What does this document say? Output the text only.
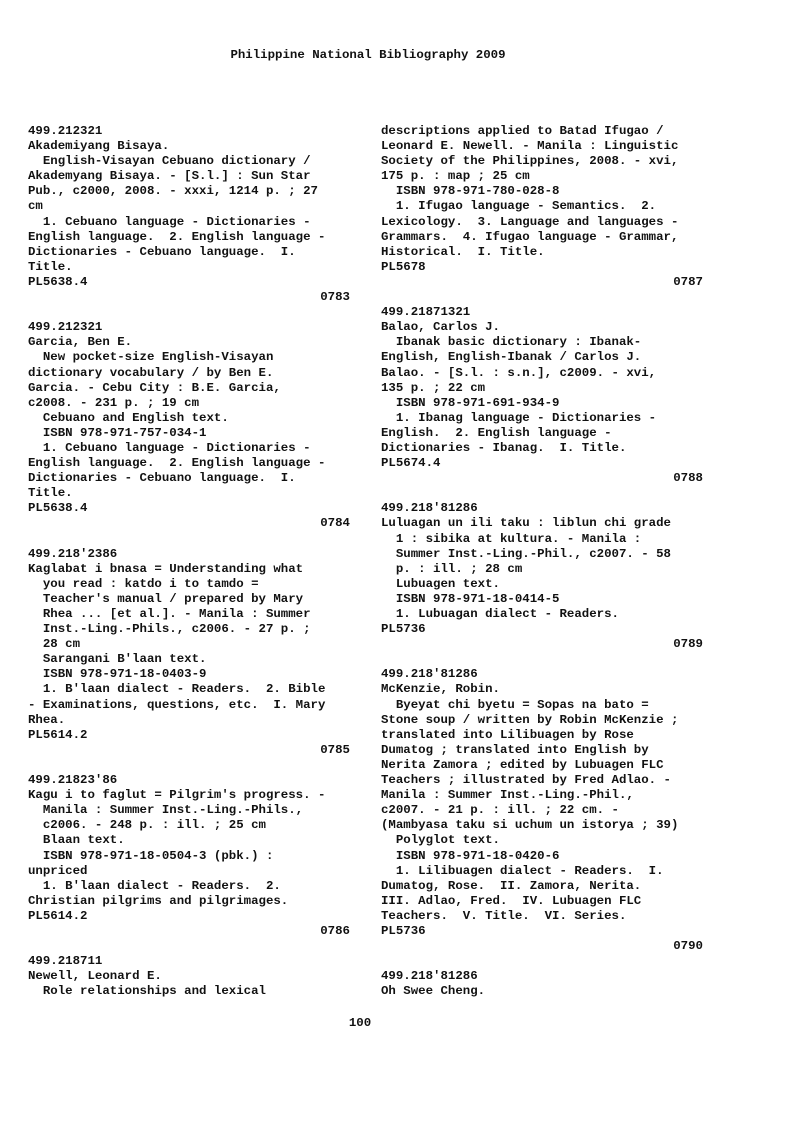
Philippine National Bibliography 2009
499.212321
Akademiyang Bisaya.
English-Visayan Cebuano dictionary /
Akademyang Bisaya. - [S.l.] : Sun Star
Pub., c2000, 2008. - xxxi, 1214 p. ; 27
cm
1. Cebuano language - Dictionaries -
English language.  2. English language -
Dictionaries - Cebuano language.  I.
Title.
PL5638.4
0783
499.212321
Garcia, Ben E.
New pocket-size English-Visayan
dictionary vocabulary / by Ben E.
Garcia. - Cebu City : B.E. Garcia,
c2008. - 231 p. ; 19 cm
Cebuano and English text.
ISBN 978-971-757-034-1
1. Cebuano language - Dictionaries -
English language.  2. English language -
Dictionaries - Cebuano language.  I.
Title.
PL5638.4
0784
499.218'2386
Kaglabat i bnasa = Understanding what
you read : katdo i to tamdo =
Teacher's manual / prepared by Mary
Rhea ... [et al.]. - Manila : Summer
Inst.-Ling.-Phils., c2006. - 27 p. ;
28 cm
Sarangani B'laan text.
ISBN 978-971-18-0403-9
1. B'laan dialect - Readers.  2. Bible
- Examinations, questions, etc.  I. Mary
Rhea.
PL5614.2
0785
499.21823'86
Kagu i to faglut = Pilgrim's progress. -
Manila : Summer Inst.-Ling.-Phils.,
c2006. - 248 p. : ill. ; 25 cm
Blaan text.
ISBN 978-971-18-0504-3 (pbk.) :
unpriced
1. B'laan dialect - Readers.  2.
Christian pilgrims and pilgrimages.
PL5614.2
0786
499.218711
Newell, Leonard E.
Role relationships and lexical
descriptions applied to Batad Ifugao /
Leonard E. Newell. - Manila : Linguistic
Society of the Philippines, 2008. - xvi,
175 p. : map ; 25 cm
ISBN 978-971-780-028-8
1. Ifugao language - Semantics.  2.
Lexicology.  3. Language and languages -
Grammars.  4. Ifugao language - Grammar,
Historical.  I. Title.
PL5678
0787
499.21871321
Balao, Carlos J.
Ibanak basic dictionary : Ibanak-
English, English-Ibanak / Carlos J.
Balao. - [S.l. : s.n.], c2009. - xvi,
135 p. ; 22 cm
ISBN 978-971-691-934-9
1. Ibanag language - Dictionaries -
English.  2. English language -
Dictionaries - Ibanag.  I. Title.
PL5674.4
0788
499.218'81286
Luluagan un ili taku : liblun chi grade
1 : sibika at kultura. - Manila :
Summer Inst.-Ling.-Phil., c2007. - 58
p. : ill. ; 28 cm
Lubuagen text.
ISBN 978-971-18-0414-5
1. Lubuagan dialect - Readers.
PL5736
0789
499.218'81286
McKenzie, Robin.
Byeyat chi byetu = Sopas na bato =
Stone soup / written by Robin McKenzie ;
translated into Lilibuagen by Rose
Dumatog ; translated into English by
Nerita Zamora ; edited by Lubuagen FLC
Teachers ; illustrated by Fred Adlao. -
Manila : Summer Inst.-Ling.-Phil.,
c2007. - 21 p. : ill. ; 22 cm. -
(Mambyasa taku si uchum un istorya ; 39)
Polyglot text.
ISBN 978-971-18-0420-6
1. Lilibuagen dialect - Readers.  I.
Dumatog, Rose.  II. Zamora, Nerita.
III. Adlao, Fred.  IV. Lubuagen FLC
Teachers.  V. Title.  VI. Series.
PL5736
0790
499.218'81286
Oh Swee Cheng.
100
